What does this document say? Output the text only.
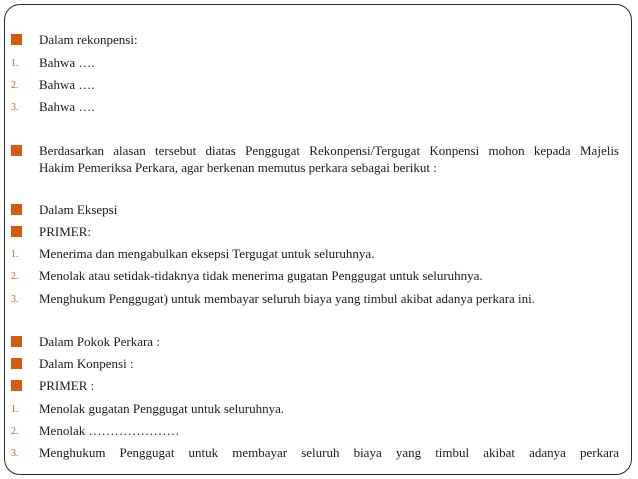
Dalam rekonpensi:
1. Bahwa ….
2. Bahwa ….
3. Bahwa ….
Berdasarkan alasan tersebut diatas Penggugat Rekonpensi/Tergugat Konpensi mohon kepada Majelis
Hakim Pemeriksa Perkara, agar berkenan memutus perkara sebagai berikut :
Dalam Eksepsi
PRIMER:
1. Menerima dan mengabulkan eksepsi Tergugat untuk seluruhnya.
2. Menolak atau setidak-tidaknya tidak menerima gugatan Penggugat untuk seluruhnya.
3. Menghukum Penggugat) untuk membayar seluruh biaya yang timbul akibat adanya perkara ini.
Dalam Pokok Perkara :
Dalam Konpensi :
PRIMER :
1. Menolak gugatan Penggugat untuk seluruhnya.
2. Menolak …………………
3. Menghukum Penggugat untuk membayar seluruh biaya yang timbul akibat adanya perkara
